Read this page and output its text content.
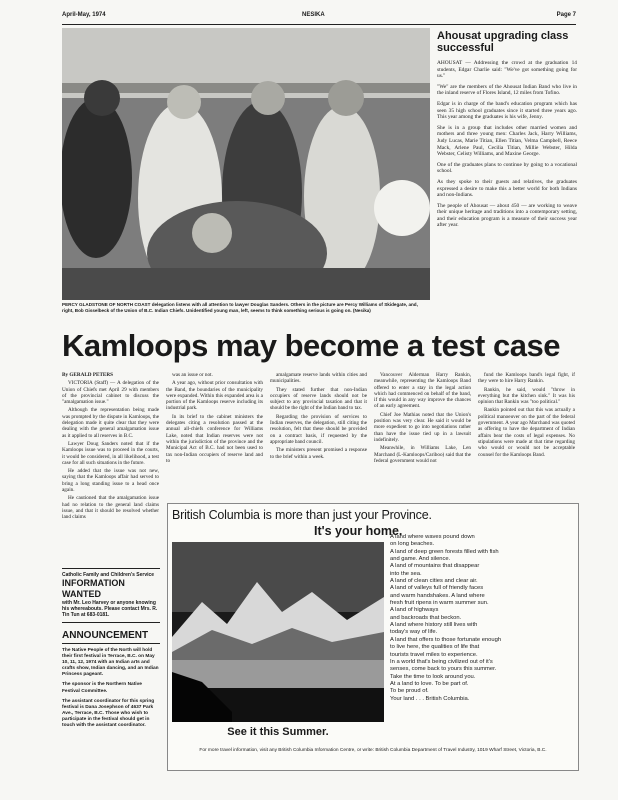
April-May, 1974	NESIKA	Page 7
PERCY GLADSTONE OF NORTH COAST delegation listens with all attention to lawyer Douglas Sanders. Others in the picture are Percy Williams of Skidegate, and, right, Bob Gisselbeck of the Union of B.C. Indian Chiefs. Unidentified young man, left, seems to think something serious is going on. (Nesika)
Ahousat upgrading class successful

AHOUSAT — Addressing the crowd at the graduation 14 students, Edgar Charlie said: "We've got something going for us."

"We" are the members of the Ahousat Indian Band who live in the inland reserve of Flores Island, 12 miles from Tofino.

Edgar is in charge of the band's education program which has seen 35 high school graduates since it started three years ago. This year among the graduates is his wife, Jenny.

She is in a group that includes other married women and mothers and three young men: Charles Jack, Harry Williams, Judy Lucas, Marie Titian, Ellen Titian, Velma Campbell, Reece Mack, Arlene Paul, Cecilia Titian, Millie Webster, Hilda Webster, Celisty Williams, and Maxine George.

One of the graduates plans to continue by going to a vocational school.

As they spoke to their guests and relatives, the graduates expressed a desire to make this a better world for both Indians and non-Indians.

The people of Ahousat — about 450 — are working to weave their unique heritage and traditions into a contemporary setting, and their education program is a measure of their success year after year.

Kamloops may become a test case

By GERALD PETERS

VICTORIA (Staff) — A delegation of the Union of Chiefs met April 29 with members of the provincial cabinet to discuss the "amalgamation issue."

Although the representation being made was prompted by the dispute in Kamloops, the delegation made it quite clear that they were dealing with the general amalgamation issue as it applied to all reserves in B.C.

Lawyer Doug Sanders noted that if the Kamloops issue was to proceed in the courts, it would be considered, in all likelihood, a test case for all such situations in the future.

He added that the issue was not new, saying that the Kamloops affair had served to bring a long standing issue to a head once again.

He cautioned that the amalgamation issue had no relation to the general land claims issue, and that it should be resolved whether land claims

was an issue or not.

A year ago, without prior consultation with the Band, the boundaries of the municipality were expanded. Within this expanded area is a portion of the Kamloops reserve including its industrial park.

In its brief to the cabinet ministers the delegates citing a resolution passed at the annual all-chiefs conference for Williams Lake, noted that Indian reserves were not within the jurisdiction of the province and the Municipal Act of B.C. had not been used to tax non-Indian occupiers of reserve land and to

amalgamate reserve lands within cities and municipalities.

They stated further that non-Indian occupiers of reserve lands should not be subject to any provincial taxation and that it should be the right of the Indian band to tax.

Regarding the provision of services to Indian reserves, the delegation, still citing the resolution, felt that these should be provided on a contract basis, if requested by the appropriate band council.

The ministers present promised a response to the brief within a week.

Vancouver Alderman Harry Rankin, meanwhile, representing the Kamloops Band offered to enter a stay in the legal action which had commenced on behalf of the band, if this would in any way improve the chances of an early agreement.

Chief Joe Mathias noted that the Union's position was very clear. He said it would be more expedient to go into negotiations rather than have the issue tied up in a lawsuit indefinitely.

Meanwhile, in Williams Lake, Len Marchand (L-Kamloops/Cariboo) said that the federal government would not

fund the Kamloops band's legal fight, if they were to hire Harry Rankin.

Rankin, he said, would "throw in everything but the kitchen sink." It was his opinion that Rankin was "too political."

Rankin pointed out that this was actually a political manoeuver on the part of the federal government. A year ago Marchand was quoted as offering to have the department of Indian affairs bear the costs of legal expenses. No stipulations were made at that time regarding who would or would not be acceptable counsel for the Kamloops Band.

Catholic Family and Children's Service
INFORMATION WANTED
with Mr. Leo Harvey or anyone knowing his whereabouts. Please contact Mrs. R. Tin Tun at 683-0181.
ANNOUNCEMENT

The Native People of the North will hold their first festival in Terrace, B.C. on May 10, 11, 12, 1974 with an Indian arts and crafts show, Indian dancing, and an Indian Princess pageant.

The sponsor is the Northern Native Festival Committee.

The assistant coordinator for this spring festival is Dana Josephson of 4637 Park Ave., Terrace, B.C. Those who wish to participate in the festival should get in touch with the assistant coordinator.

British Columbia is more than just your Province.
It's your home.
A land where waves pound down
on long beaches.
A land of deep green forests filled with fish
and game. And silence.
A land of mountains that disappear
into the sea.
A land of clean cities and clear air.
A land of valleys full of friendly faces
and warm handshakes. A land where
fresh fruit ripens in warm summer sun.
A land of highways
and backroads that beckon.
A land where history still lives with
today's way of life.
A land that offers to those fortunate enough
to live here, the qualities of life that
tourists travel miles to experience.
In a world that's being civilized out of it's
senses, come back to yours this summer.
Take the time to look around you.
At a land to love. To be part of.
To be proud of.
Your land . . . British Columbia.
See it this Summer.
For more travel information, visit any British Columbia Information Centre, or write: British Columbia Department of Travel Industry, 1019 Wharf Street, Victoria, B.C.
